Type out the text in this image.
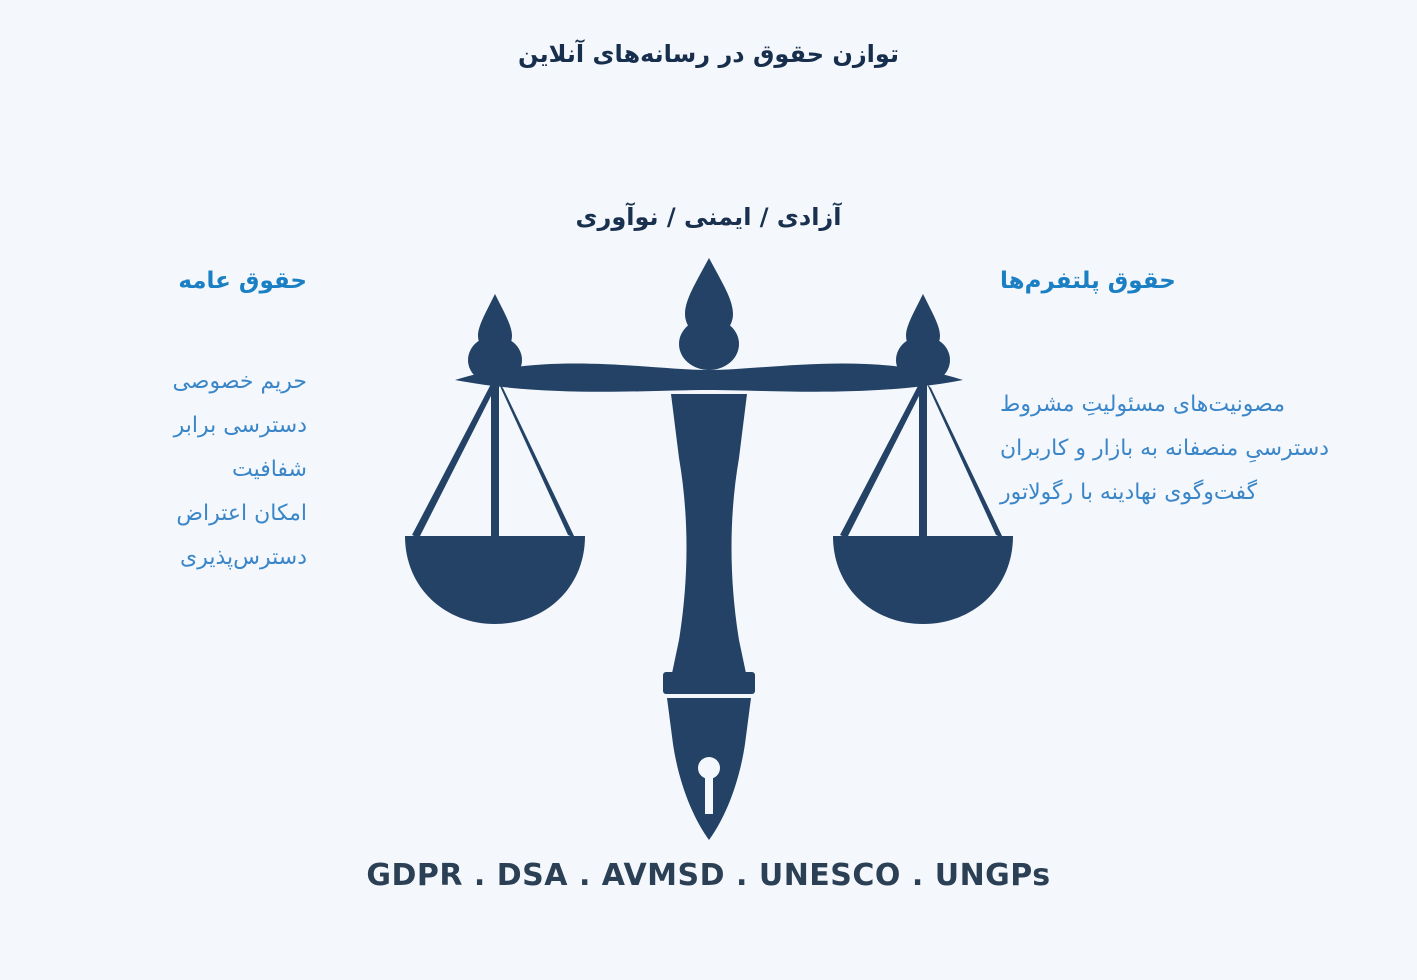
توازن حقوق در رسانه‌های آنلاین
آزادی / ایمنی / نوآوری
حقوق عامه
حریم خصوصی
دسترسی برابر
شفافیت
امکان اعتراض
دسترس‌پذیری
حقوق پلتفرم‌ها
مصونیت‌های مسئولیتِ مشروط
دسترسیِ منصفانه به بازار و کاربران
گفت‌وگوی نهادینه با رگولاتور
GDPR . DSA . AVMSD . UNESCO . UNGPs
